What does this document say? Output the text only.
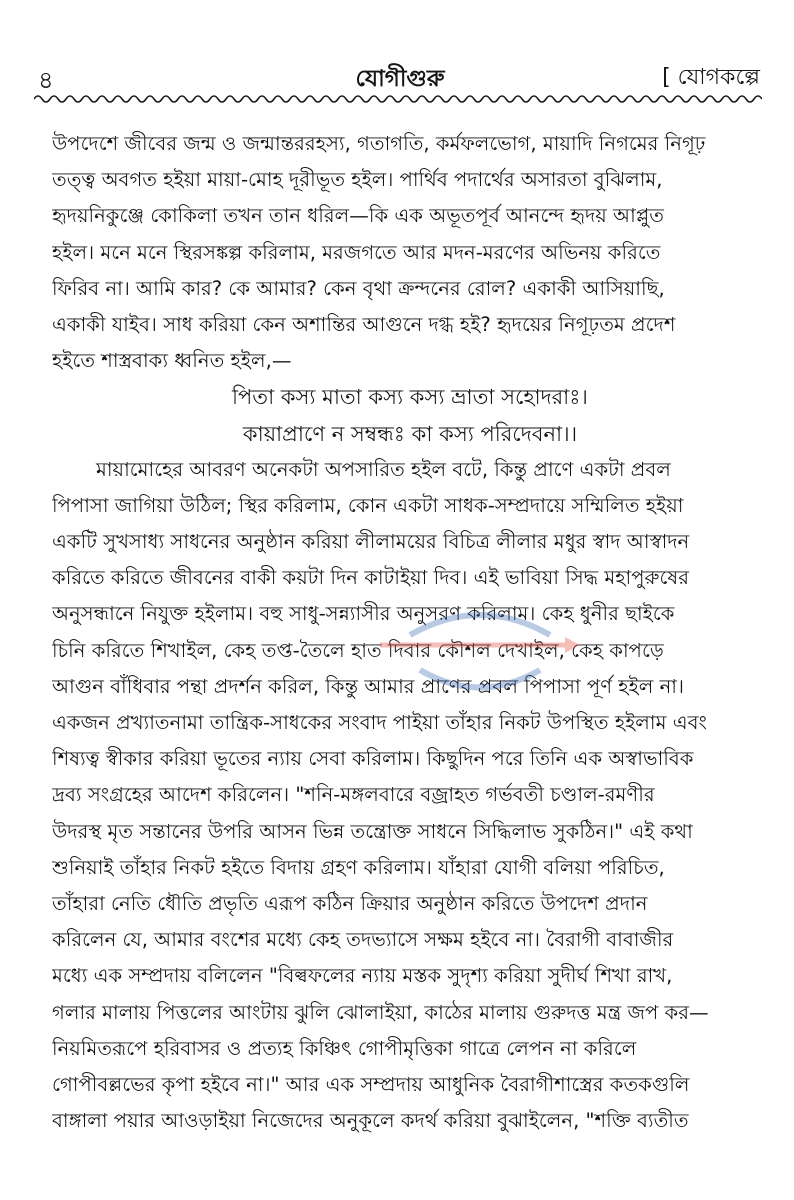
৪	যোগীগুরু	[ যোগকল্পে
উপদেশে জীবের জন্ম ও জন্মান্তররহস্য, গতাগতি, কর্মফলভোগ, মায়াদি নিগমের নিগূঢ়
তত্ত্ব অবগত হইয়া মায়া-মোহ দূরীভূত হইল। পার্থিব পদার্থের অসারতা বুঝিলাম,
হৃদয়নিকুঞ্জে কোকিলা তখন তান ধরিল—কি এক অভূতপূর্ব আনন্দে হৃদয় আপ্লুত
হইল। মনে মনে স্থিরসঙ্কল্প করিলাম, মরজগতে আর মদন-মরণের অভিনয় করিতে
ফিরিব না। আমি কার? কে আমার? কেন বৃথা ক্রন্দনের রোল? একাকী আসিয়াছি,
একাকী যাইব। সাধ করিয়া কেন অশান্তির আগুনে দগ্ধ হই? হৃদয়ের নিগূঢ়তম প্রদেশ
হইতে শাস্ত্রবাক্য ধ্বনিত হইল,—
পিতা কস্য মাতা কস্য কস্য ভ্রাতা সহোদরাঃ।
কায়াপ্রাণে ন সম্বন্ধঃ কা কস্য পরিদেবনা।।
মায়ামোহের আবরণ অনেকটা অপসারিত হইল বটে, কিন্তু প্রাণে একটা প্রবল
পিপাসা জাগিয়া উঠিল; স্থির করিলাম, কোন একটা সাধক-সম্প্রদায়ে সম্মিলিত হইয়া
একটি সুখসাধ্য সাধনের অনুষ্ঠান করিয়া লীলাময়ের বিচিত্র লীলার মধুর স্বাদ আস্বাদন
করিতে করিতে জীবনের বাকী কয়টা দিন কাটাইয়া দিব। এই ভাবিয়া সিদ্ধ মহাপুরুষের
অনুসন্ধানে নিযুক্ত হইলাম। বহু সাধু-সন্ন্যাসীর অনুসরণ করিলাম। কেহ ধুনীর ছাইকে
চিনি করিতে শিখাইল, কেহ তপ্ত-তৈলে হাত দিবার কৌশল দেখাইল, কেহ কাপড়ে
আগুন বাঁধিবার পন্থা প্রদর্শন করিল, কিন্তু আমার প্রাণের প্রবল পিপাসা পূর্ণ হইল না।
একজন প্রখ্যাতনামা তান্ত্রিক-সাধকের সংবাদ পাইয়া তাঁহার নিকট উপস্থিত হইলাম এবং
শিষ্যত্ব স্বীকার করিয়া ভূতের ন্যায় সেবা করিলাম। কিছুদিন পরে তিনি এক অস্বাভাবিক
দ্রব্য সংগ্রহের আদেশ করিলেন। "শনি-মঙ্গলবারে বজ্রাহত গর্ভবতী চণ্ডাল-রমণীর
উদরস্থ মৃত সন্তানের উপরি আসন ভিন্ন তন্ত্রোক্ত সাধনে সিদ্ধিলাভ সুকঠিন।" এই কথা
শুনিয়াই তাঁহার নিকট হইতে বিদায় গ্রহণ করিলাম। যাঁহারা যোগী বলিয়া পরিচিত,
তাঁহারা নেতি ধৌতি প্রভৃতি এরূপ কঠিন ক্রিয়ার অনুষ্ঠান করিতে উপদেশ প্রদান
করিলেন যে, আমার বংশের মধ্যে কেহ তদভ্যাসে সক্ষম হইবে না। বৈরাগী বাবাজীর
মধ্যে এক সম্প্রদায় বলিলেন "বিল্বফলের ন্যায় মস্তক সুদৃশ্য করিয়া সুদীর্ঘ শিখা রাখ,
গলার মালায় পিত্তলের আংটায় ঝুলি ঝোলাইয়া, কাঠের মালায় গুরুদত্ত মন্ত্র জপ কর—
নিয়মিতরূপে হরিবাসর ও প্রত্যহ কিঞ্চিৎ গোপীমৃত্তিকা গাত্রে লেপন না করিলে
গোপীবল্লভের কৃপা হইবে না।" আর এক সম্প্রদায় আধুনিক বৈরাগীশাস্ত্রের কতকগুলি
বাঙ্গালা পয়ার আওড়াইয়া নিজেদের অনুকূলে কদর্থ করিয়া বুঝাইলেন, "শক্তি ব্যতীত
